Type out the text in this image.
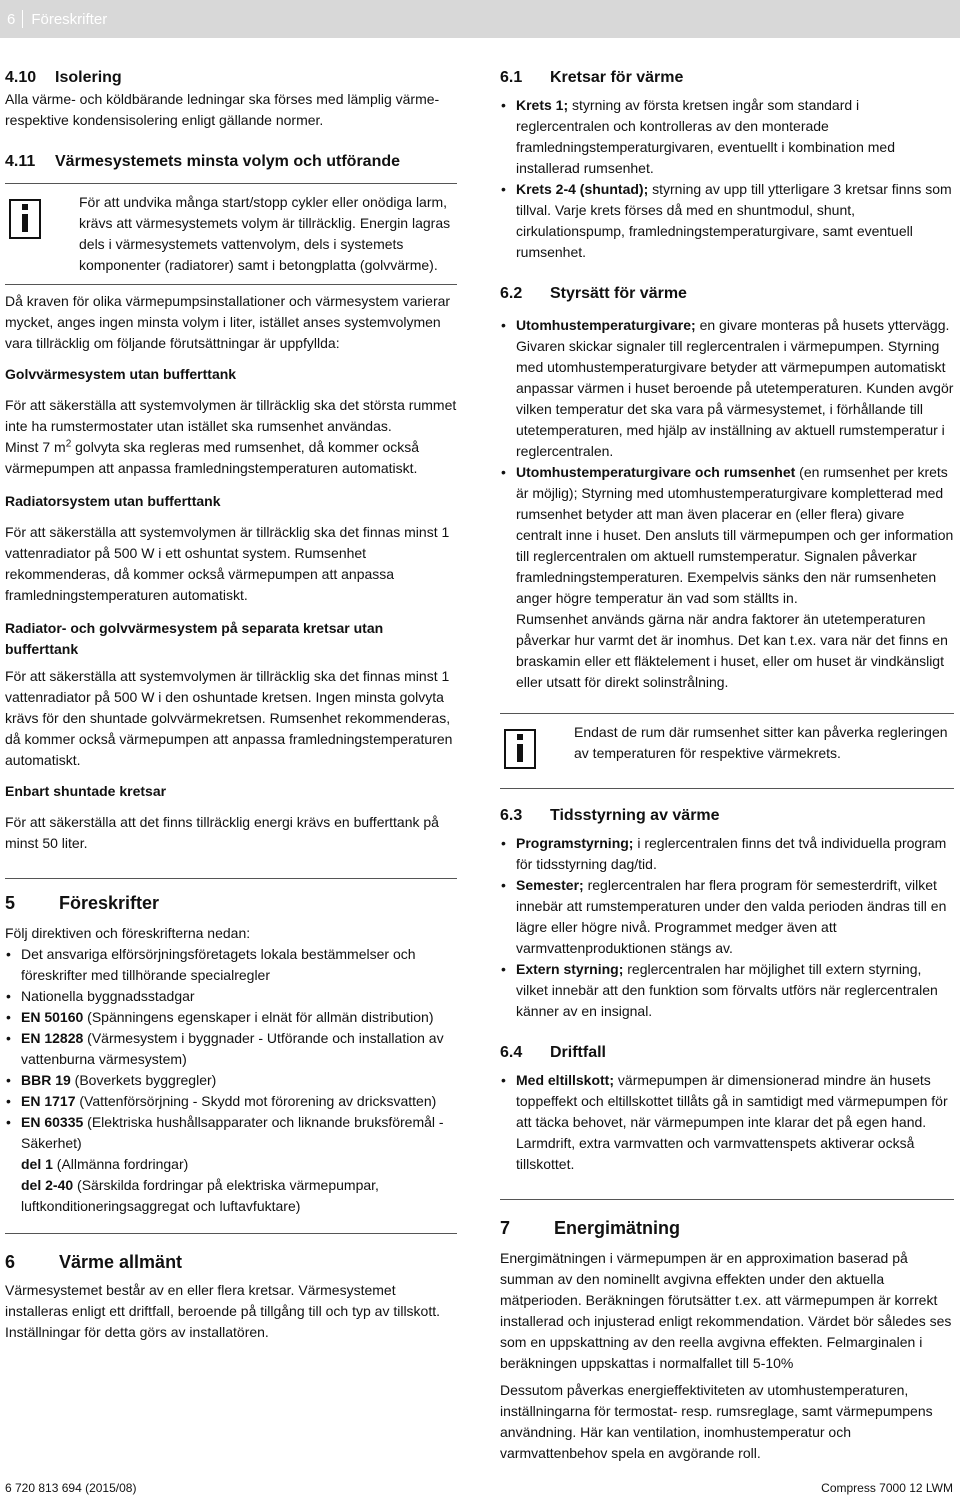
6 Föreskrifter
4.10	Isolering

Alla värme- och köldbärande ledningar ska förses med lämplig värme-respektive kondensisolering enligt gällande normer.

4.11	Värmesystemets minsta volym och utförande

För att undvika många start/stopp cykler eller onödiga larm, krävs att värmesystemets volym är tillräcklig. Energin lagras dels i värmesystemets vattenvolym, dels i systemets komponenter (radiatorer) samt i betongplatta (golvvärme).

Då kraven för olika värmepumpsinstallationer och värmesystem varierar mycket, anges ingen minsta volym i liter, istället anses systemvolymen vara tillräcklig om följande förutsättningar är uppfyllda:

Golvvärmesystem utan bufferttank

För att säkerställa att systemvolymen är tillräcklig ska det största rummet inte ha rumstermostater utan istället ska rumsenhet användas.

Minst 7 $m^2$ golvyta ska regleras med rumsenhet, då kommer också värmepumpen att anpassa framledningstemperaturen automatiskt.

Radiatorsystem utan bufferttank

För att säkerställa att systemvolymen är tillräcklig ska det finnas minst 1 vattenradiator på 500 W i ett oshuntat system. Rumsenhet rekommenderas, då kommer också värmepumpen att anpassa framledningstemperaturen automatiskt.

Radiator- och golvvärmesystem på separata kretsar utan bufferttank

För att säkerställa att systemvolymen är tillräcklig ska det finnas minst 1 vattenradiator på 500 W i den oshuntade kretsen. Ingen minsta golvyta krävs för den shuntade golvvärmekretsen. Rumsenhet rekommenderas, då kommer också värmepumpen att anpassa framledningstemperaturen automatiskt.

Enbart shuntade kretsar

För att säkerställa att det finns tillräcklig energi krävs en bufferttank på minst 50 liter.

5	Föreskrifter

Följ direktiven och föreskrifterna nedan:

• Det ansvariga elförsörjningsföretagets lokala bestämmelser och föreskrifter med tillhörande specialregler
• Nationella byggnadsstadgar
• EN 50160 (Spänningens egenskaper i elnät för allmän distribution)
• EN 12828 (Värmesystem i byggnader - Utförande och installation av vattenburna värmesystem)
• BBR 19 (Boverkets byggregler)
• EN 1717 (Vattenförsörjning - Skydd mot förorening av dricksvatten)
• EN 60335 (Elektriska hushållsapparater och liknande bruksföremål - Säkerhet)

del 1 (Allmänna fordringar)

del 2-40 (Särskilda fordringar på elektriska värmepumpar, luftkonditioneringsaggregat och luftavfuktare)

6	Värme allmänt

Värmesystemet består av en eller flera kretsar. Värmesystemet installeras enligt ett driftfall, beroende på tillgång till och typ av tillskott. Inställningar för detta görs av installatören.

6.1	Kretsar för värme
• Krets 1; styrning av första kretsen ingår som standard i reglercentralen och kontrolleras av den monterade framledningstemperaturgivaren, eventuellt i kombination med installerad rumsenhet.
• Krets 2-4 (shuntad); styrning av upp till ytterligare 3 kretsar finns som tillval. Varje krets förses då med en shuntmodul, shunt, cirkulationspump, framledningstemperaturgivare, samt eventuell rumsenhet.
6.2	Styrsätt för värme
• Utomhustemperaturgivare; en givare monteras på husets yttervägg. Givaren skickar signaler till reglercentralen i värmepumpen. Styrning med utomhustemperaturgivare betyder att värmepumpen automatiskt anpassar värmen i huset beroende på utetemperaturen. Kunden avgör vilken temperatur det ska vara på värmesystemet, i förhållande till utetemperaturen, med hjälp av inställning av aktuell rumstemperatur i reglercentralen.
• Utomhustemperaturgivare och rumsenhet (en rumsenhet per krets är möjlig); Styrning med utomhustemperaturgivare kompletterad med rumsenhet betyder att man även placerar en (eller flera) givare centralt inne i huset. Den ansluts till värmepumpen och ger information till reglercentralen om aktuell rumstemperatur. Signalen påverkar framledningstemperaturen. Exempelvis sänks den när rumsenheten anger högre temperatur än vad som ställts in.
Rumsenhet används gärna när andra faktorer än utetemperaturen påverkar hur varmt det är inomhus. Det kan t.ex. vara när det finns en braskamin eller ett fläktelement i huset, eller om huset är vindkänsligt eller utsatt för direkt solinstrålning.

Endast de rum där rumsenhet sitter kan påverka regleringen av temperaturen för respektive värmekrets.

6.3	Tidsstyrning av värme
• Programstyrning; i reglercentralen finns det två individuella program för tidsstyrning dag/tid.
• Semester; reglercentralen har flera program för semesterdrift, vilket innebär att rumstemperaturen under den valda perioden ändras till en lägre eller högre nivå. Programmet medger även att varmvattenproduktionen stängs av.
• Extern styrning; reglercentralen har möjlighet till extern styrning, vilket innebär att den funktion som förvalts utförs när reglercentralen känner av en insignal.
6.4	Driftfall
• Med eltillskott; värmepumpen är dimensionerad mindre än husets toppeffekt och eltillskottet tillåts gå in samtidigt med värmepumpen för att täcka behovet, när värmepumpen inte klarar det på egen hand. Larmdrift, extra varmvatten och varmvattenspets aktiverar också tillskottet.
7	Energimätning

Energimätningen i värmepumpen är en approximation baserad på summan av den nominellt avgivna effekten under den aktuella mätperioden. Beräkningen förutsätter t.ex. att värmepumpen är korrekt installerad och injusterad enligt rekommendation. Värdet bör således ses som en uppskattning av den reella avgivna effekten. Felmarginalen i beräkningen uppskattas i normalfallet till 5-10%

Dessutom påverkas energieffektiviteten av utomhustemperaturen, inställningarna för termostat- resp. rumsreglage, samt värmepumpens användning. Här kan ventilation, inomhustemperatur och varmvattenbehov spela en avgörande roll.

6 720 813 694 (2015/08)	Compress 7000 12 LWM
